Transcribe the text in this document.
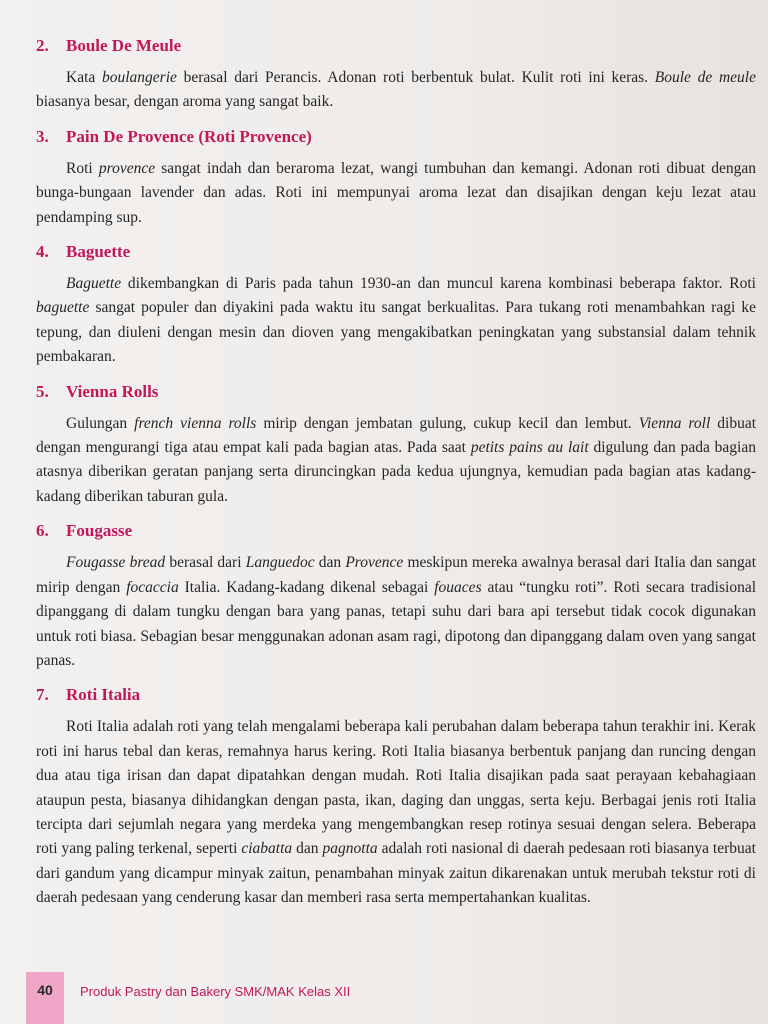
2. Boule De Meule

Kata boulangerie berasal dari Perancis. Adonan roti berbentuk bulat. Kulit roti ini keras. Boule de meule biasanya besar, dengan aroma yang sangat baik.

3. Pain De Provence (Roti Provence)

Roti provence sangat indah dan beraroma lezat, wangi tumbuhan dan kemangi. Adonan roti dibuat dengan bunga-bungaan lavender dan adas. Roti ini mempunyai aroma lezat dan disajikan dengan keju lezat atau pendamping sup.

4. Baguette

Baguette dikembangkan di Paris pada tahun 1930-an dan muncul karena kombinasi beberapa faktor. Roti baguette sangat populer dan diyakini pada waktu itu sangat berkualitas. Para tukang roti menambahkan ragi ke tepung, dan diuleni dengan mesin dan dioven yang mengakibatkan peningkatan yang substansial dalam tehnik pembakaran.

5. Vienna Rolls

Gulungan french vienna rolls mirip dengan jembatan gulung, cukup kecil dan lembut. Vienna roll dibuat dengan mengurangi tiga atau empat kali pada bagian atas. Pada saat petits pains au lait digulung dan pada bagian atasnya diberikan geratan panjang serta diruncingkan pada kedua ujungnya, kemudian pada bagian atas kadang-kadang diberikan taburan gula.

6. Fougasse

Fougasse bread berasal dari Languedoc dan Provence meskipun mereka awalnya berasal dari Italia dan sangat mirip dengan focaccia Italia. Kadang-kadang dikenal sebagai fouaces atau “tungku roti”. Roti secara tradisional dipanggang di dalam tungku dengan bara yang panas, tetapi suhu dari bara api tersebut tidak cocok digunakan untuk roti biasa. Sebagian besar menggunakan adonan asam ragi, dipotong dan dipanggang dalam oven yang sangat panas.

7. Roti Italia

Roti Italia adalah roti yang telah mengalami beberapa kali perubahan dalam beberapa tahun terakhir ini. Kerak roti ini harus tebal dan keras, remahnya harus kering. Roti Italia biasanya berbentuk panjang dan runcing dengan dua atau tiga irisan dan dapat dipatahkan dengan mudah. Roti Italia disajikan pada saat perayaan kebahagiaan ataupun pesta, biasanya dihidangkan dengan pasta, ikan, daging dan unggas, serta keju. Berbagai jenis roti Italia tercipta dari sejumlah negara yang merdeka yang mengembangkan resep rotinya sesuai dengan selera. Beberapa roti yang paling terkenal, seperti ciabatta dan pagnotta adalah roti nasional di daerah pedesaan roti biasanya terbuat dari gandum yang dicampur minyak zaitun, penambahan minyak zaitun dikarenakan untuk merubah tekstur roti di daerah pedesaan yang cenderung kasar dan memberi rasa serta mempertahankan kualitas.

40	Produk Pastry dan Bakery SMK/MAK Kelas XII
